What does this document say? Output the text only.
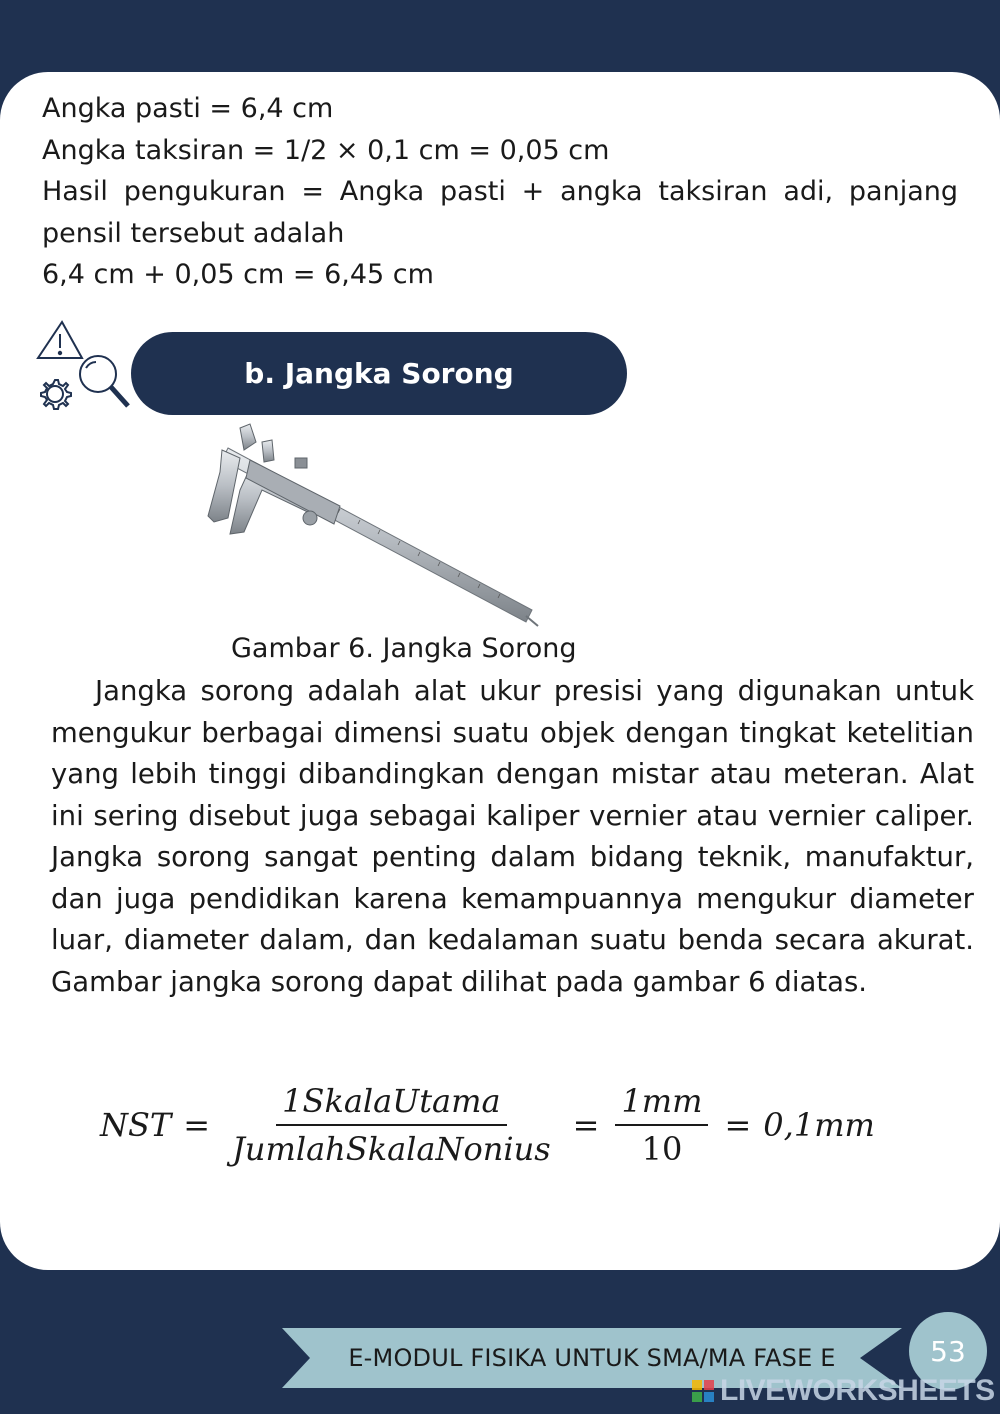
Angka pasti = 6,4 cm
Angka taksiran = 1/2 × 0,1 cm = 0,05 cm
Hasil pengukuran = Angka pasti + angka taksiran adi, panjang pensil tersebut adalah
6,4 cm + 0,05 cm = 6,45 cm
b. Jangka Sorong
Gambar 6. Jangka Sorong
Jangka sorong adalah alat ukur presisi yang digunakan untuk mengukur berbagai dimensi suatu objek dengan tingkat ketelitian yang lebih tinggi dibandingkan dengan mistar atau meteran. Alat ini sering disebut juga sebagai kaliper vernier atau vernier caliper. Jangka sorong sangat penting dalam bidang teknik, manufaktur, dan juga pendidikan karena kemampuannya mengukur diameter luar, diameter dalam, dan kedalaman suatu benda secara akurat. Gambar jangka sorong dapat dilihat pada gambar 6 diatas.
NST = $\frac{\text{1SkalaUtama}}{\text{JumlahSkalaNonius}} = \frac{1mm}{10} = 0,1mm$
E-MODUL FISIKA UNTUK SMA/MA FASE E	53
LIVEWORKSHEETS
